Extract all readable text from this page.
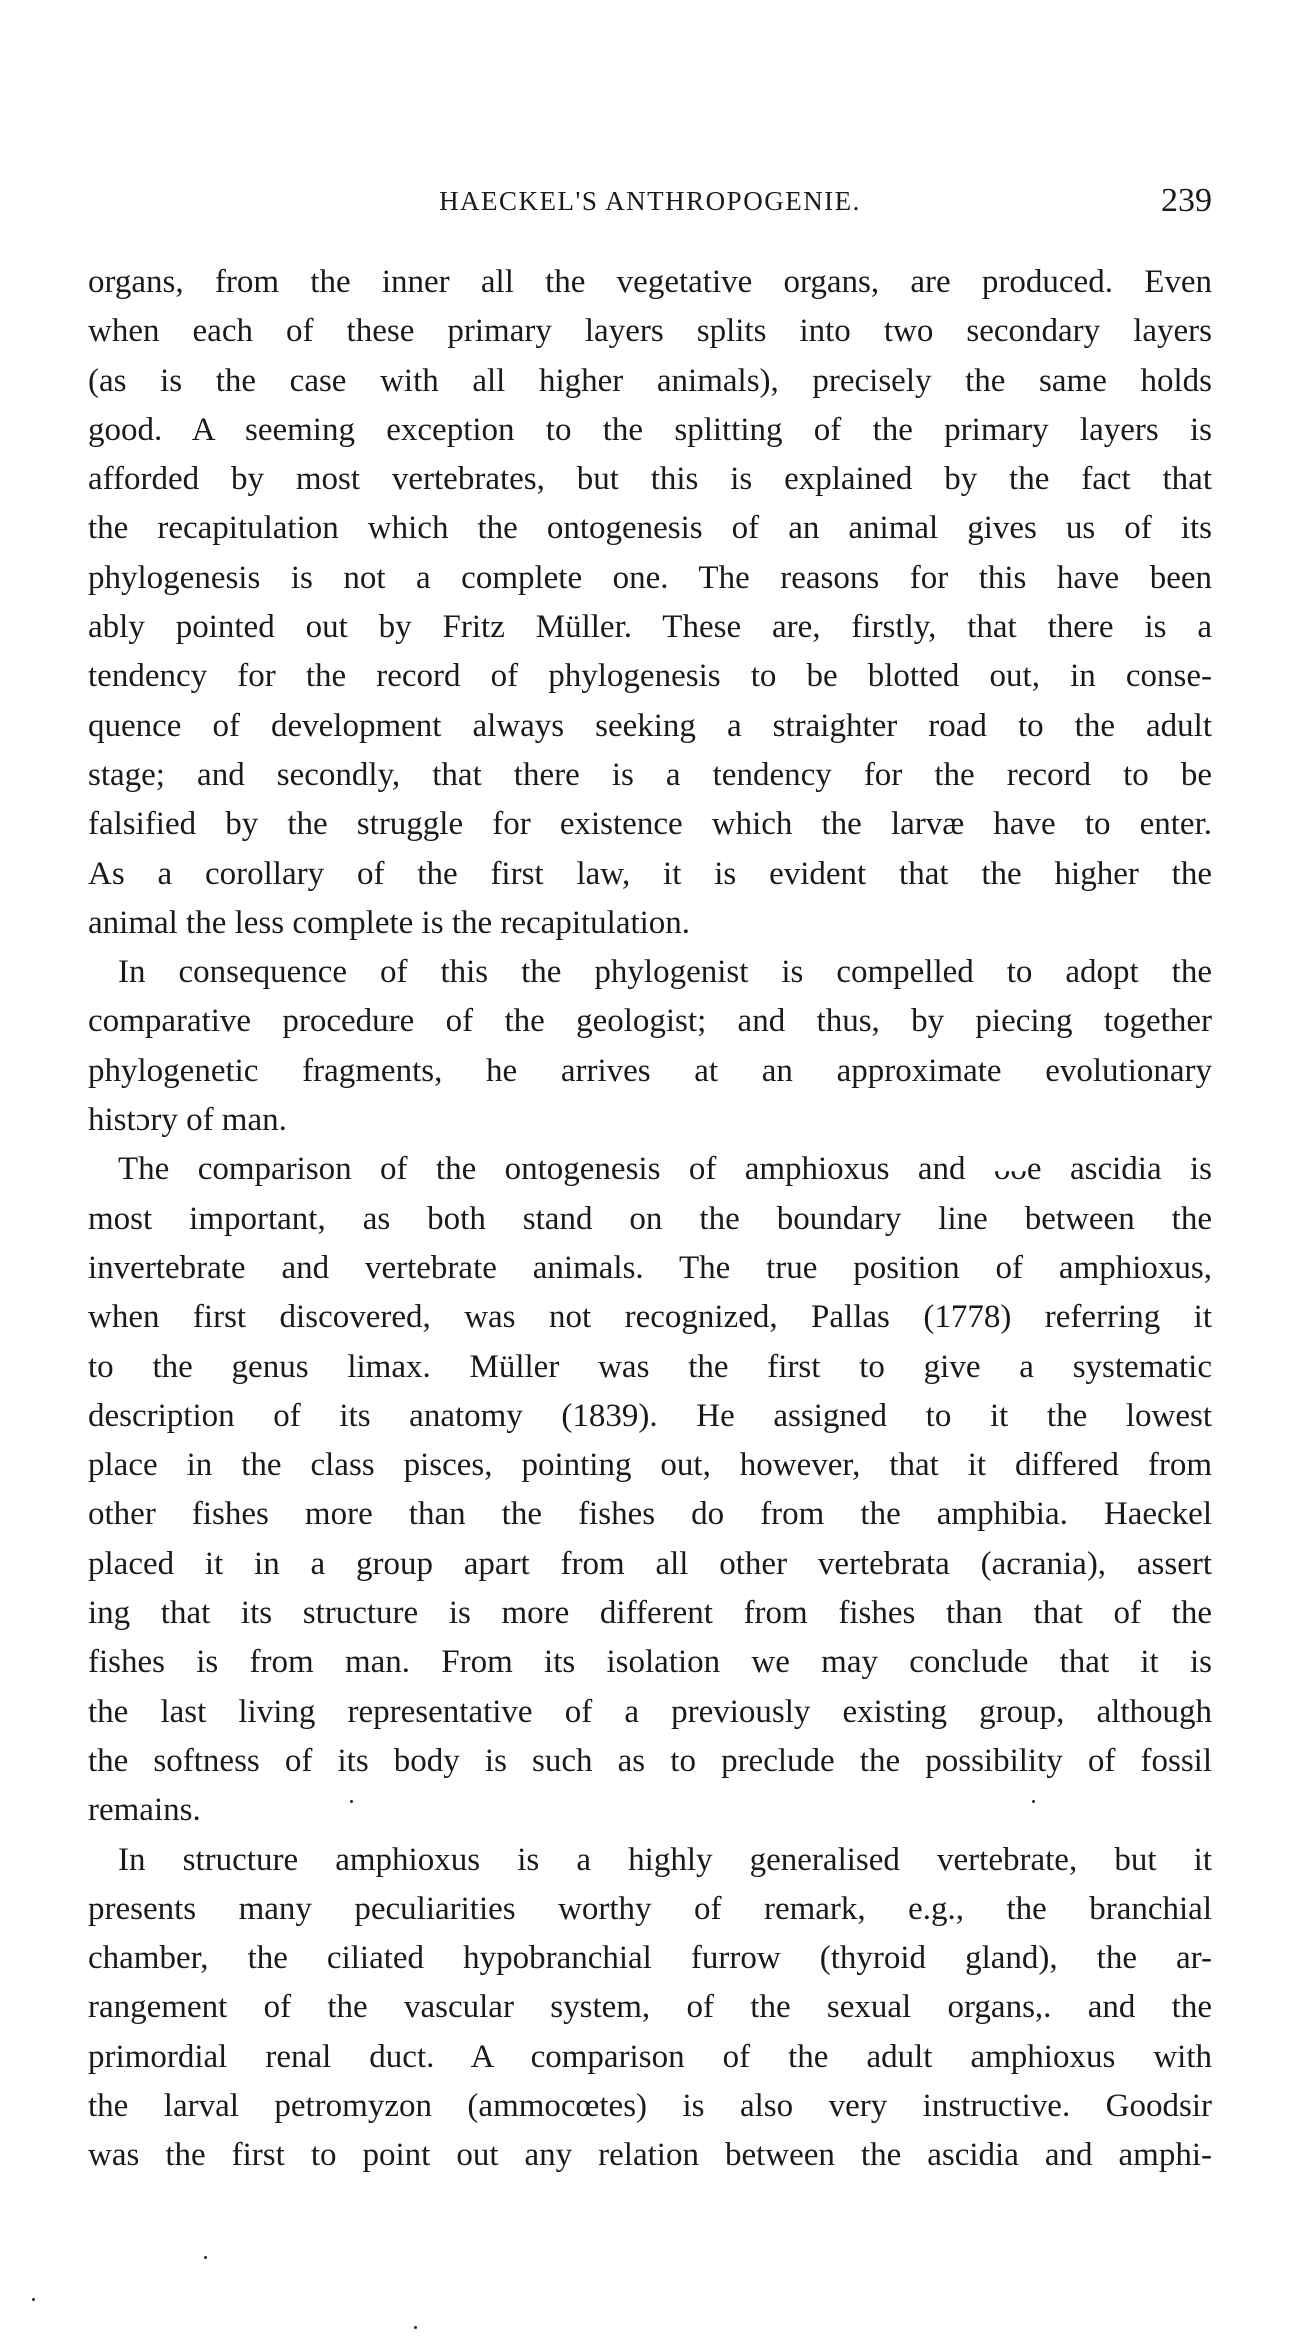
HAECKEL'S ANTHROPOGENIE.	239
organs, from the inner all the vegetative organs, are produced. Even
when each of these primary layers splits into two secondary layers
(as is the case with all higher animals), precisely the same holds
good. A seeming exception to the splitting of the primary layers is
afforded by most vertebrates, but this is explained by the fact that
the recapitulation which the ontogenesis of an animal gives us of its
phylogenesis is not a complete one. The reasons for this have been
ably pointed out by Fritz Müller. These are, firstly, that there is a
tendency for the record of phylogenesis to be blotted out, in conse-
quence of development always seeking a straighter road to the adult
stage; and secondly, that there is a tendency for the record to be
falsified by the struggle for existence which the larvæ have to enter.
As a corollary of the first law, it is evident that the higher the
animal the less complete is the recapitulation.
In consequence of this the phylogenist is compelled to adopt the
comparative procedure of the geologist; and thus, by piecing together
phylogenetic fragments, he arrives at an approximate evolutionary
histɔry of man.
The comparison of the ontogenesis of amphioxus and ᴗᴗe ascidia is
most important, as both stand on the boundary line between the
invertebrate and vertebrate animals. The true position of amphioxus,
when first discovered, was not recognized, Pallas (1778) referring it
to the genus limax. Müller was the first to give a systematic
description of its anatomy (1839). He assigned to it the lowest
place in the class pisces, pointing out, however, that it differed from
other fishes more than the fishes do from the amphibia. Haeckel
placed it in a group apart from all other vertebrata (acrania), assert
ing that its structure is more different from fishes than that of the
fishes is from man. From its isolation we may conclude that it is
the last living representative of a previously existing group, although
the softness of its body is such as to preclude the possibility of fossil
remains.
In structure amphioxus is a highly generalised vertebrate, but it
presents many peculiarities worthy of remark, e.g., the branchial
chamber, the ciliated hypobranchial furrow (thyroid gland), the ar-
rangement of the vascular system, of the sexual organs,. and the
primordial renal duct. A comparison of the adult amphioxus with
the larval petromyzon (ammocœtes) is also very instructive. Goodsir
was the first to point out any relation between the ascidia and amphi-
